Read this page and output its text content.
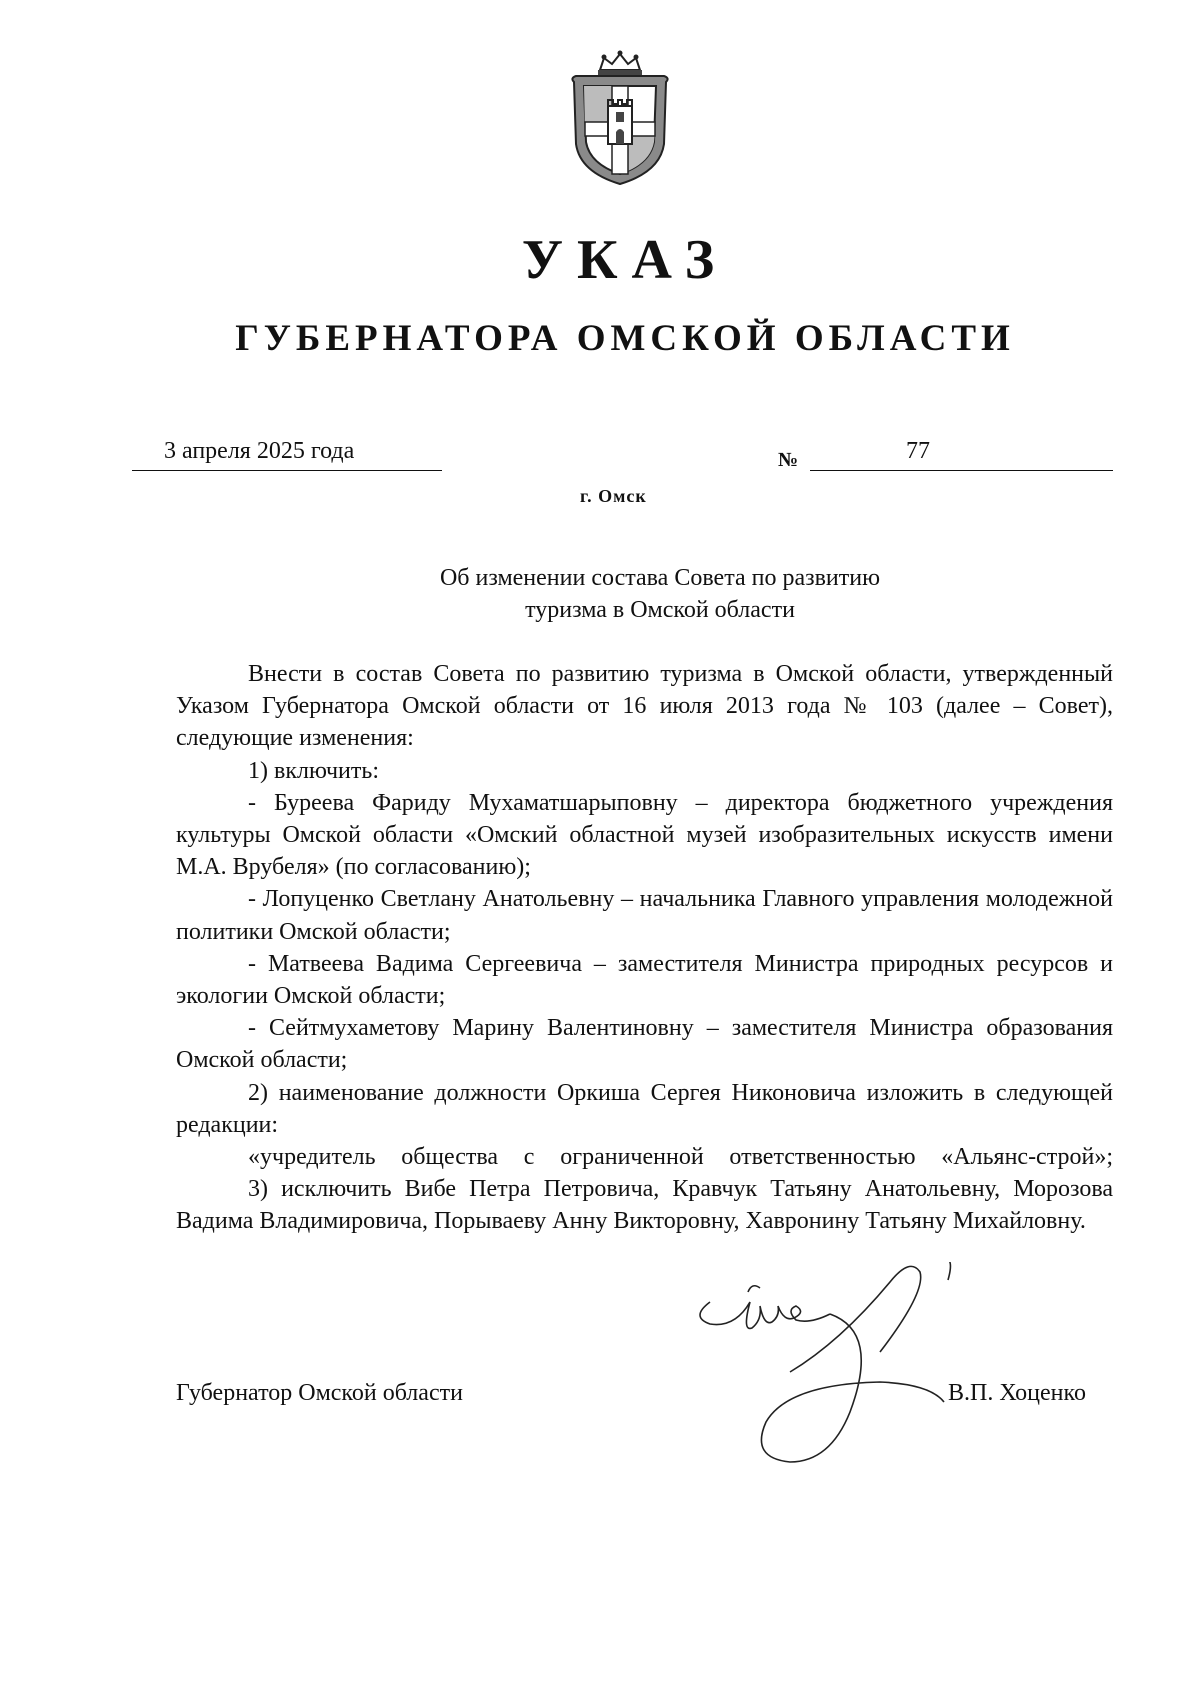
УКАЗ
ГУБЕРНАТОРА ОМСКОЙ ОБЛАСТИ
3 апреля 2025 года	№	77
г. Омск

Об изменении состава Совета по развитию

туризма в Омской области

Внести в состав Совета по развитию туризма в Омской области, утвержденный Указом Губернатора Омской области от 16 июля 2013 года № 103 (далее – Совет), следующие изменения:

1) включить:

- Буреева Фариду Мухаматшарыповну – директора бюджетного учреждения культуры Омской области «Омский областной музей изобразительных искусств имени М.А. Врубеля» (по согласованию);

- Лопуценко Светлану Анатольевну – начальника Главного управления молодежной политики Омской области;

- Матвеева Вадима Сергеевича – заместителя Министра природных ресурсов и экологии Омской области;

- Сейтмухаметову Марину Валентиновну – заместителя Министра образования Омской области;

2) наименование должности Оркиша Сергея Никоновича изложить в следующей редакции:

«учредитель общества с ограниченной ответственностью «Альянс-строй»;

3) исключить Вибе Петра Петровича, Кравчук Татьяну Анатольевну, Морозова Вадима Владимировича, Порываеву Анну Викторовну, Хавронину Татьяну Михайловну.

Губернатор Омской области	В.П. Хоценко
